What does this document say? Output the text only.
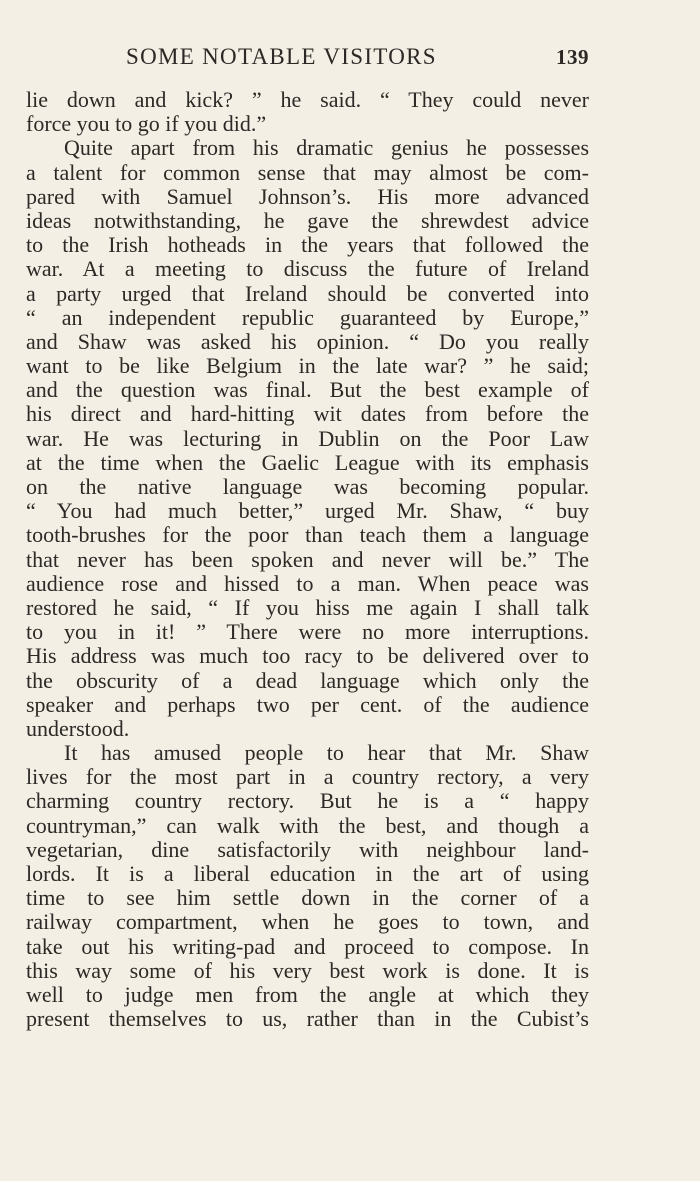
SOME NOTABLE VISITORS	139
lie down and kick? ” he said. “ They could never
force you to go if you did.”
Quite apart from his dramatic genius he possesses
a talent for common sense that may almost be com-
pared with Samuel Johnson’s. His more advanced
ideas notwithstanding, he gave the shrewdest advice
to the Irish hotheads in the years that followed the
war. At a meeting to discuss the future of Ireland
a party urged that Ireland should be converted into
“ an independent republic guaranteed by Europe,”
and Shaw was asked his opinion. “ Do you really
want to be like Belgium in the late war? ” he said;
and the question was final. But the best example of
his direct and hard-hitting wit dates from before the
war. He was lecturing in Dublin on the Poor Law
at the time when the Gaelic League with its emphasis
on the native language was becoming popular.
“ You had much better,” urged Mr. Shaw, “ buy
tooth-brushes for the poor than teach them a language
that never has been spoken and never will be.” The
audience rose and hissed to a man. When peace was
restored he said, “ If you hiss me again I shall talk
to you in it! ” There were no more interruptions.
His address was much too racy to be delivered over to
the obscurity of a dead language which only the
speaker and perhaps two per cent. of the audience
understood.
It has amused people to hear that Mr. Shaw
lives for the most part in a country rectory, a very
charming country rectory. But he is a “ happy
countryman,” can walk with the best, and though a
vegetarian, dine satisfactorily with neighbour land-
lords. It is a liberal education in the art of using
time to see him settle down in the corner of a
railway compartment, when he goes to town, and
take out his writing-pad and proceed to compose. In
this way some of his very best work is done. It is
well to judge men from the angle at which they
present themselves to us, rather than in the Cubist’s
